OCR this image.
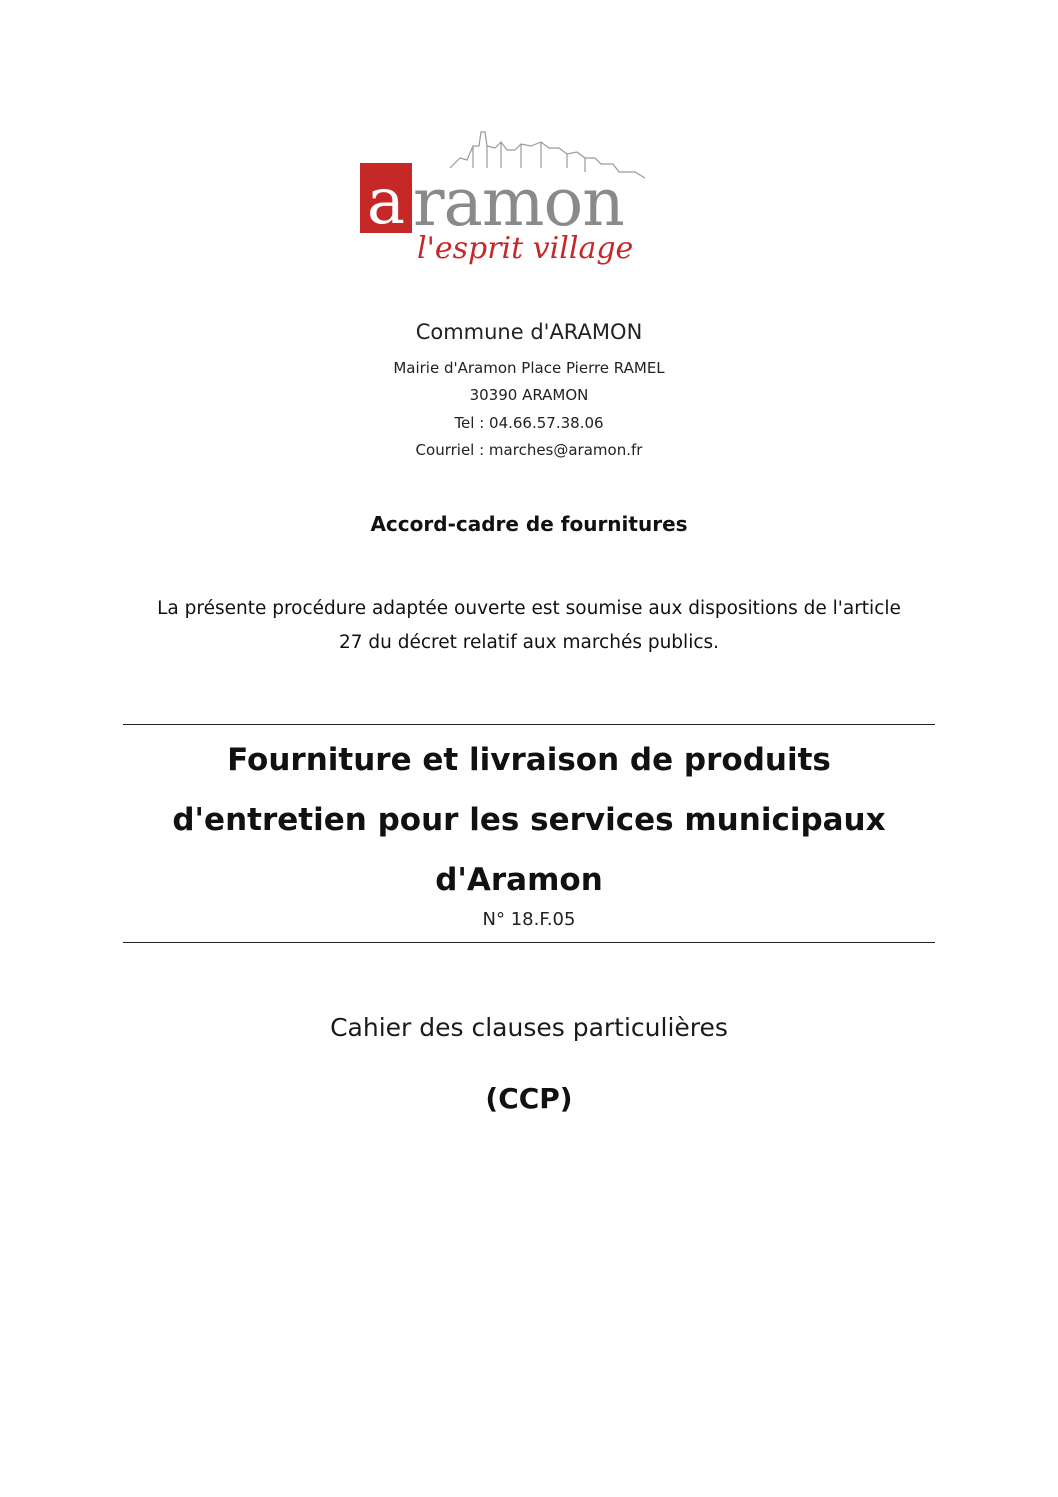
a ramon
l'esprit village
Commune d'ARAMON
Mairie d'Aramon Place Pierre RAMEL
30390 ARAMON
Tel : 04.66.57.38.06
Courriel : marches@aramon.fr
Accord-cadre de fournitures
La présente procédure adaptée ouverte est soumise aux dispositions de l'article
27 du décret relatif aux marchés publics.
Fourniture et livraison de produits
d'entretien pour les services municipaux
d'Aramon
N° 18.F.05
Cahier des clauses particulières
(CCP)
